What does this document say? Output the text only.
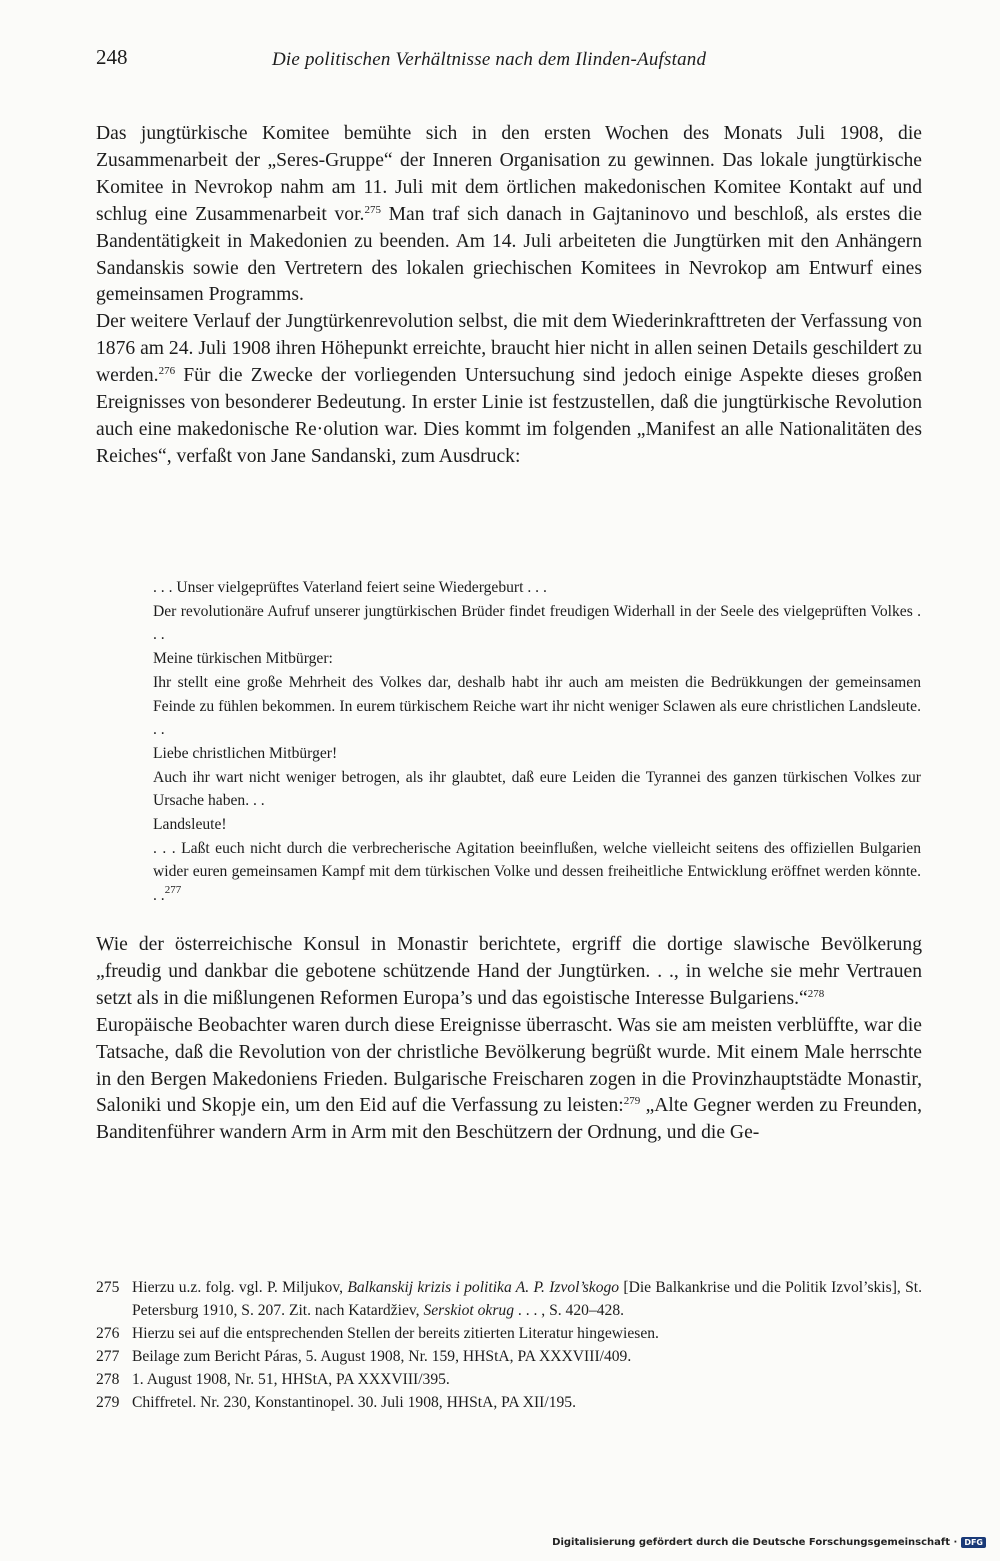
248	Die politischen Verhältnisse nach dem Ilinden-Aufstand

Das jungtürkische Komitee bemühte sich in den ersten Wochen des Monats Juli 1908, die Zusammenarbeit der „Seres-Gruppe“ der Inneren Organisation zu gewinnen. Das lokale jungtürkische Komitee in Nevrokop nahm am 11. Juli mit dem örtlichen makedonischen Komitee Kontakt auf und schlug eine Zusammenarbeit vor.$^{275}$ Man traf sich danach in Gajtaninovo und beschloß, als erstes die Bandentätigkeit in Makedonien zu beenden. Am 14. Juli arbeiteten die Jungtürken mit den Anhängern Sandanskis sowie den Vertretern des lokalen griechischen Komitees in Nevrokop am Entwurf eines gemeinsamen Programms.

Der weitere Verlauf der Jungtürkenrevolution selbst, die mit dem Wiederinkrafttreten der Verfassung von 1876 am 24. Juli 1908 ihren Höhepunkt erreichte, braucht hier nicht in allen seinen Details geschildert zu werden.$^{276}$ Für die Zwecke der vorliegenden Untersuchung sind jedoch einige Aspekte dieses großen Ereignisses von besonderer Bedeutung. In erster Linie ist festzustellen, daß die jungtürkische Revolution auch eine makedonische Re·olution war. Dies kommt im folgenden „Manifest an alle Nationalitäten des Reiches“, verfaßt von Jane Sandanski, zum Ausdruck:

. . . Unser vielgeprüftes Vaterland feiert seine Wiedergeburt . . .

Der revolutionäre Aufruf unserer jungtürkischen Brüder findet freudigen Widerhall in der Seele des vielgeprüften Volkes . . .

Meine türkischen Mitbürger:

Ihr stellt eine große Mehrheit des Volkes dar, deshalb habt ihr auch am meisten die Bedrükkungen der gemeinsamen Feinde zu fühlen bekommen. In eurem türkischem Reiche wart ihr nicht weniger Sclawen als eure christlichen Landsleute. . .

Liebe christlichen Mitbürger!

Auch ihr wart nicht weniger betrogen, als ihr glaubtet, daß eure Leiden die Tyrannei des ganzen türkischen Volkes zur Ursache haben. . .

Landsleute!

. . . Laßt euch nicht durch die verbrecherische Agitation beeinflußen, welche vielleicht seitens des offiziellen Bulgarien wider euren gemeinsamen Kampf mit dem türkischen Volke und dessen freiheitliche Entwicklung eröffnet werden könnte. . .$^{277}$

Wie der österreichische Konsul in Monastir berichtete, ergriff die dortige slawische Bevölkerung „freudig und dankbar die gebotene schützende Hand der Jungtürken. . ., in welche sie mehr Vertrauen setzt als in die mißlungenen Reformen Europa’s und das egoistische Interesse Bulgariens.“$^{278}$

Europäische Beobachter waren durch diese Ereignisse überrascht. Was sie am meisten verblüffte, war die Tatsache, daß die Revolution von der christliche Bevölkerung begrüßt wurde. Mit einem Male herrschte in den Bergen Makedoniens Frieden. Bulgarische Freischaren zogen in die Provinzhauptstädte Monastir, Saloniki und Skopje ein, um den Eid auf die Verfassung zu leisten:$^{279}$ „Alte Gegner werden zu Freunden, Banditenführer wandern Arm in Arm mit den Beschützern der Ordnung, und die Ge-

275 Hierzu u.z. folg. vgl. P. Miljukov, Balkanskij krizis i politika A. P. Izvol’skogo [Die Balkankrise und die Politik Izvol’skis], St. Petersburg 1910, S. 207. Zit. nach Katardžiev, Serskiot okrug . . . , S. 420–428.
276 Hierzu sei auf die entsprechenden Stellen der bereits zitierten Literatur hingewiesen.
277 Beilage zum Bericht Páras, 5. August 1908, Nr. 159, HHStA, PA XXXVIII/409.
278 1. August 1908, Nr. 51, HHStA, PA XXXVIII/395.
279 Chiffretel. Nr. 230, Konstantinopel. 30. Juli 1908, HHStA, PA XII/195.
Digitalisierung gefördert durch die Deutsche Forschungsgemeinschaft · DFG
